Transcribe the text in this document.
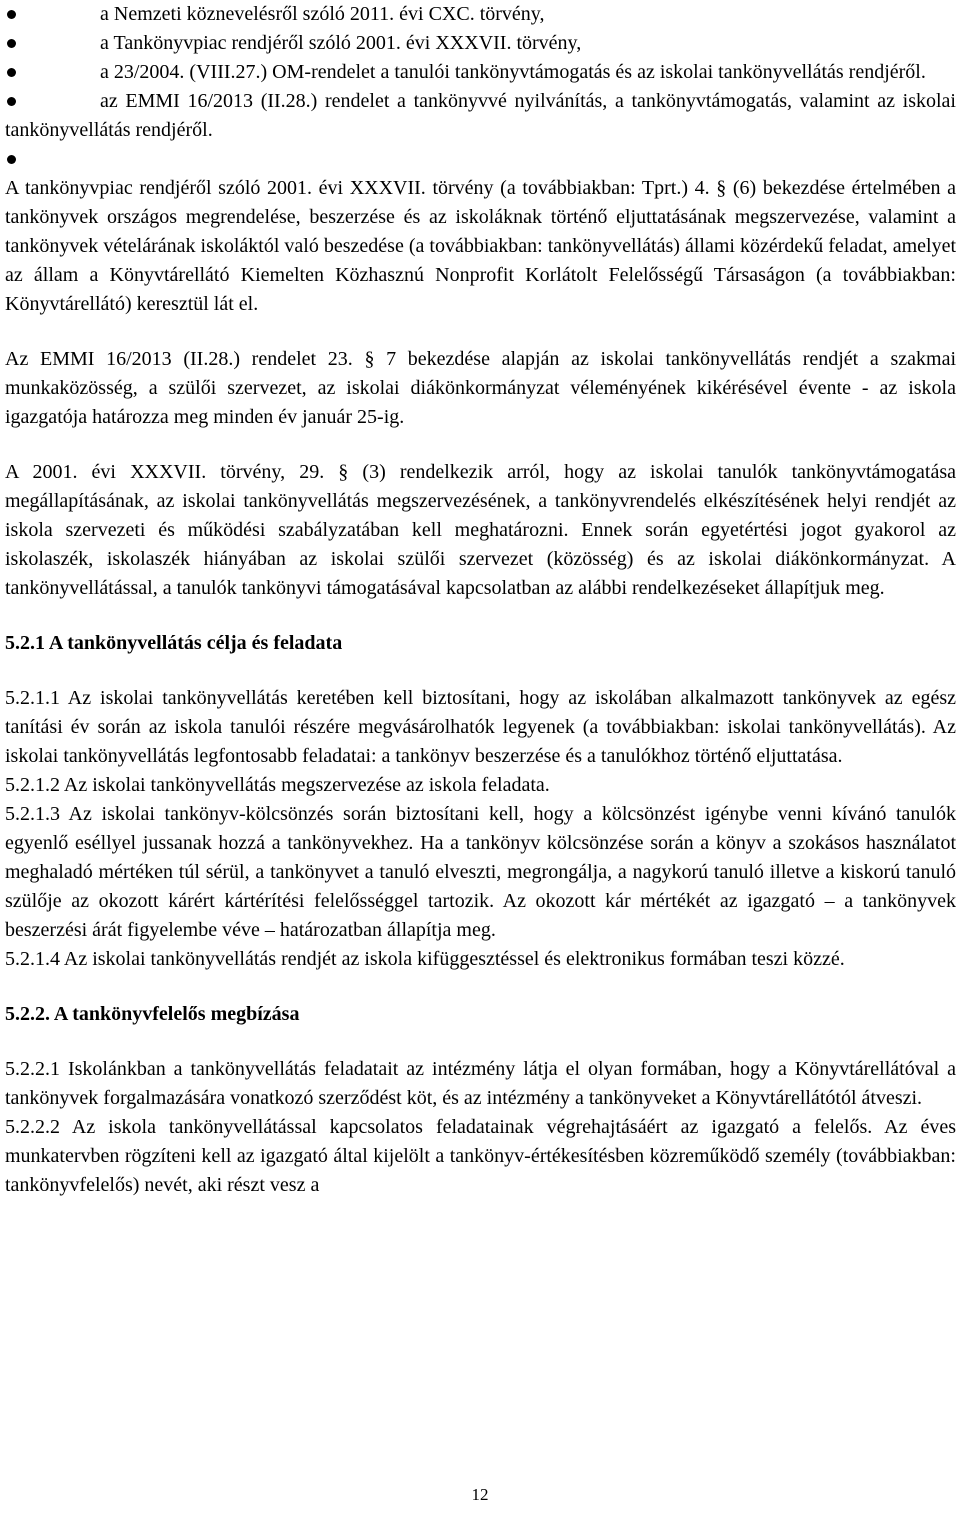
a Nemzeti köznevelésről szóló 2011. évi CXC. törvény,
a Tankönyvpiac rendjéről szóló 2001. évi XXXVII. törvény,
a 23/2004. (VIII.27.) OM-rendelet a tanulói tankönyvtámogatás és az iskolai tankönyvellátás rendjéről.
az EMMI 16/2013 (II.28.) rendelet a tankönyvvé nyilvánítás, a tankönyvtámogatás, valamint az iskolai tankönyvellátás rendjéről.

A tankönyvpiac rendjéről szóló 2001. évi XXXVII. törvény (a továbbiakban: Tprt.) 4. § (6) bekezdése értelmében a tankönyvek országos megrendelése, beszerzése és az iskoláknak történő eljuttatásának megszervezése, valamint a tankönyvek vételárának iskoláktól való beszedése (a továbbiakban: tankönyvellátás) állami közérdekű feladat, amelyet az állam a Könyvtárellátó Kiemelten Közhasznú Nonprofit Korlátolt Felelősségű Társaságon (a továbbiakban: Könyvtárellátó) keresztül lát el.

Az EMMI 16/2013 (II.28.) rendelet 23. § 7 bekezdése alapján az iskolai tankönyvellátás rendjét a szakmai munkaközösség, a szülői szervezet, az iskolai diákönkormányzat véleményének kikérésével évente - az iskola igazgatója határozza meg minden év január 25-ig.

A 2001. évi XXXVII. törvény, 29. § (3) rendelkezik arról, hogy az iskolai tanulók tankönyvtámogatása megállapításának, az iskolai tankönyvellátás megszervezésének, a tankönyvrendelés elkészítésének helyi rendjét az iskola szervezeti és működési szabályzatában kell meghatározni. Ennek során egyetértési jogot gyakorol az iskolaszék, iskolaszék hiányában az iskolai szülői szervezet (közösség) és az iskolai diákönkormányzat. A tankönyvellátással, a tanulók tankönyvi támogatásával kapcsolatban az alábbi rendelkezéseket állapítjuk meg.

5.2.1 A tankönyvellátás célja és feladata

5.2.1.1 Az iskolai tankönyvellátás keretében kell biztosítani, hogy az iskolában alkalmazott tankönyvek az egész tanítási év során az iskola tanulói részére megvásárolhatók legyenek (a továbbiakban: iskolai tankönyvellátás). Az iskolai tankönyvellátás legfontosabb feladatai: a tankönyv beszerzése és a tanulókhoz történő eljuttatása.

5.2.1.2 Az iskolai tankönyvellátás megszervezése az iskola feladata.

5.2.1.3 Az iskolai tankönyv-kölcsönzés során biztosítani kell, hogy a kölcsönzést igénybe venni kívánó tanulók egyenlő eséllyel jussanak hozzá a tankönyvekhez. Ha a tankönyv kölcsönzése során a könyv a szokásos használatot meghaladó mértéken túl sérül, a tankönyvet a tanuló elveszti, megrongálja, a nagykorú tanuló illetve a kiskorú tanuló szülője az okozott kárért kártérítési felelősséggel tartozik. Az okozott kár mértékét az igazgató – a tankönyvek beszerzési árát figyelembe véve – határozatban állapítja meg.

5.2.1.4 Az iskolai tankönyvellátás rendjét az iskola kifüggesztéssel és elektronikus formában teszi közzé.

5.2.2. A tankönyvfelelős megbízása

5.2.2.1 Iskolánkban a tankönyvellátás feladatait az intézmény látja el olyan formában, hogy a Könyvtárellátóval a tankönyvek forgalmazására vonatkozó szerződést köt, és az intézmény a tankönyveket a Könyvtárellátótól átveszi.

5.2.2.2 Az iskola tankönyvellátással kapcsolatos feladatainak végrehajtásáért az igazgató a felelős. Az éves munkatervben rögzíteni kell az igazgató által kijelölt a tankönyv-értékesítésben közreműködő személy (továbbiakban: tankönyvfelelős) nevét, aki részt vesz a

12
